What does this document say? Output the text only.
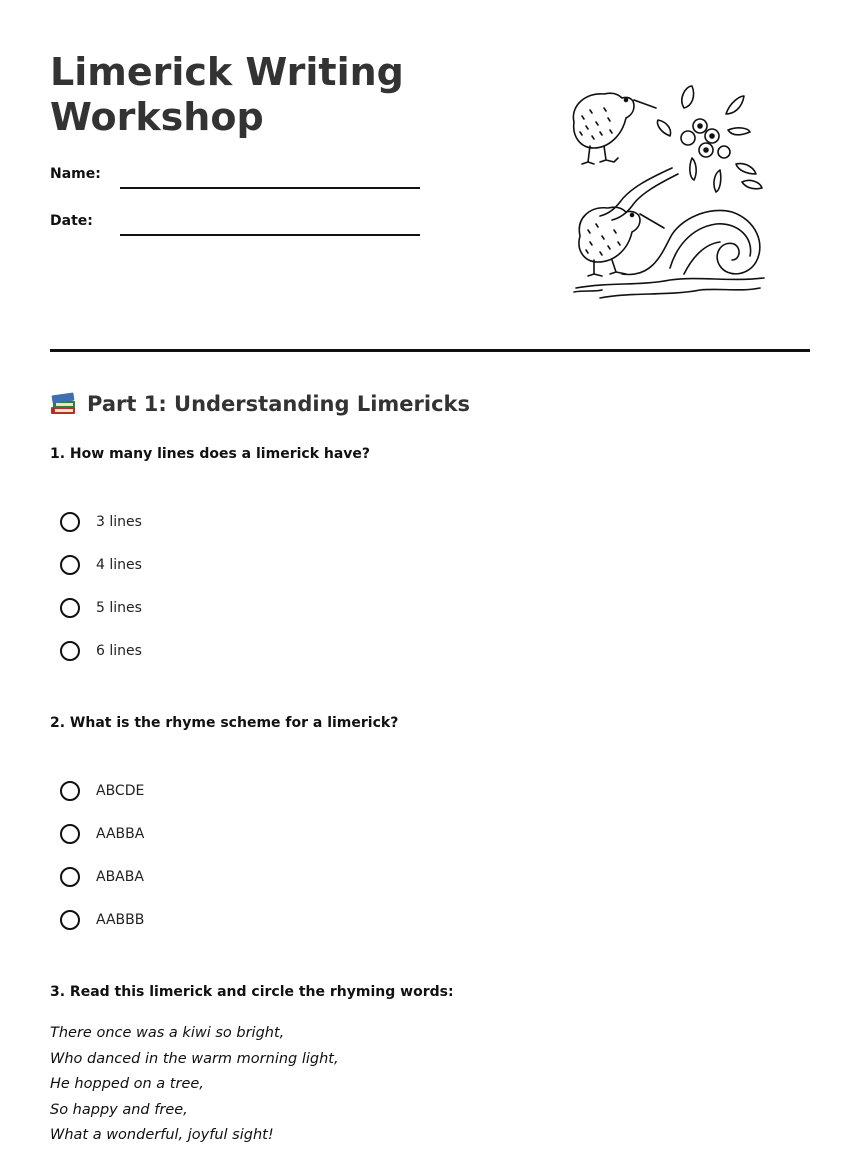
Limerick Writing
Workshop
Name:
Date:
Part 1: Understanding Limericks

1. How many lines does a limerick have?

3 lines
4 lines
5 lines
6 lines

2. What is the rhyme scheme for a limerick?

ABCDE
AABBA
ABABA
AABBB

3. Read this limerick and circle the rhyming words:

There once was a kiwi so bright,
Who danced in the warm morning light,
He hopped on a tree,
So happy and free,
What a wonderful, joyful sight!
